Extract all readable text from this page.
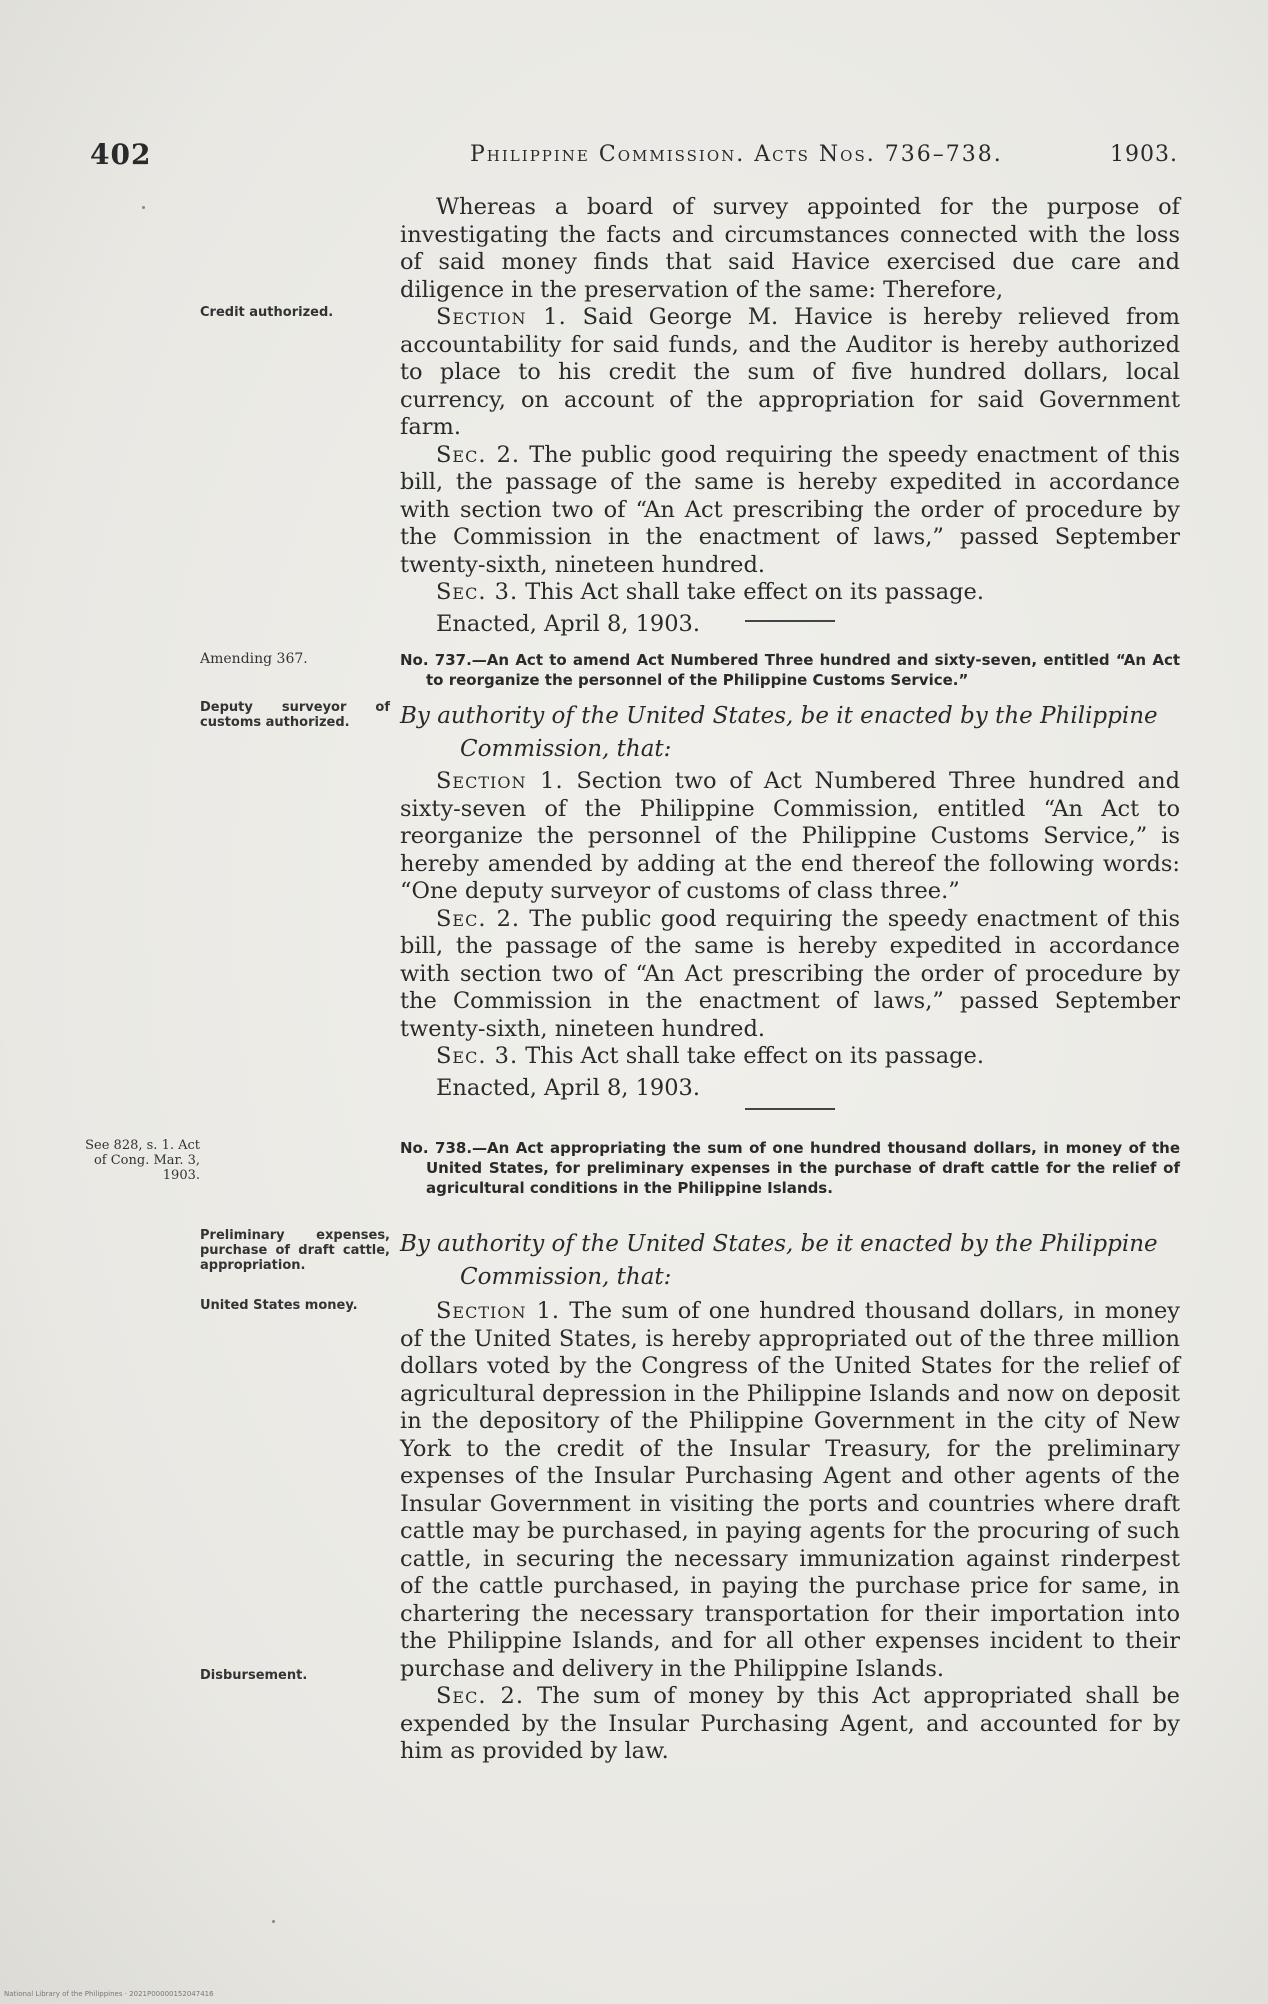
402	Philippine Commission. Acts Nos. 736–738.	1903.

Whereas a board of survey appointed for the purpose of investigating the facts and circumstances connected with the loss of said money finds that said Havice exercised due care and diligence in the preservation of the same: Therefore,

Section 1. Said George M. Havice is hereby relieved from accountability for said funds, and the Auditor is hereby authorized to place to his credit the sum of five hundred dollars, local currency, on account of the appropriation for said Government farm.

Sec. 2. The public good requiring the speedy enactment of this bill, the passage of the same is hereby expedited in accordance with section two of “An Act prescribing the order of procedure by the Commission in the enactment of laws,” passed September twenty-sixth, nineteen hundred.

Sec. 3. This Act shall take effect on its passage.

Enacted, April 8, 1903.

Credit authorized.
Amending 367.	No. 737.—An Act to amend Act Numbered Three hundred and sixty-seven, entitled “An Act to reorganize the personnel of the Philippine Customs Service.”
Deputy surveyor of customs authorized.	By authority of the United States, be it enacted by the Philippine
Commission, that:

Section 1. Section two of Act Numbered Three hundred and sixty-seven of the Philippine Commission, entitled “An Act to reorganize the personnel of the Philippine Customs Service,” is hereby amended by adding at the end thereof the following words: “One deputy surveyor of customs of class three.”

Sec. 2. The public good requiring the speedy enactment of this bill, the passage of the same is hereby expedited in accordance with section two of “An Act prescribing the order of procedure by the Commission in the enactment of laws,” passed September twenty-sixth, nineteen hundred.

Sec. 3. This Act shall take effect on its passage.

Enacted, April 8, 1903.

See 828, s. 1. Act of Cong. Mar. 3, 1903.
No. 738.—An Act appropriating the sum of one hundred thousand dollars, in money of the United States, for preliminary expenses in the purchase of draft cattle for the relief of agricultural conditions in the Philippine Islands.
Preliminary expenses, purchase of draft cattle, appropriation.
By authority of the United States, be it enacted by the Philippine
Commission, that:
United States money.	Section 1. The sum of one hundred thousand dollars, in money of the United States, is hereby appropriated out of the three million dollars voted by the Congress of the United States for the relief of agricultural depression in the Philippine Islands and now on deposit in the depository of the Philippine Government in the city of New York to the credit of the Insular Treasury, for the preliminary expenses of the Insular Purchasing Agent and other agents of the Insular Government in visiting the ports and countries where draft cattle may be purchased, in paying agents for the procuring of such cattle, in securing the necessary immunization against rinderpest of the cattle purchased, in paying the purchase price for same, in chartering the necessary transportation for their importation into the Philippine Islands, and for all other expenses incident to their purchase and delivery in the Philippine Islands.

Sec. 2. The sum of money by this Act appropriated shall be expended by the Insular Purchasing Agent, and accounted for by him as provided by law.

Disbursement.
National Library of the Philippines · 2021P00000152047416
